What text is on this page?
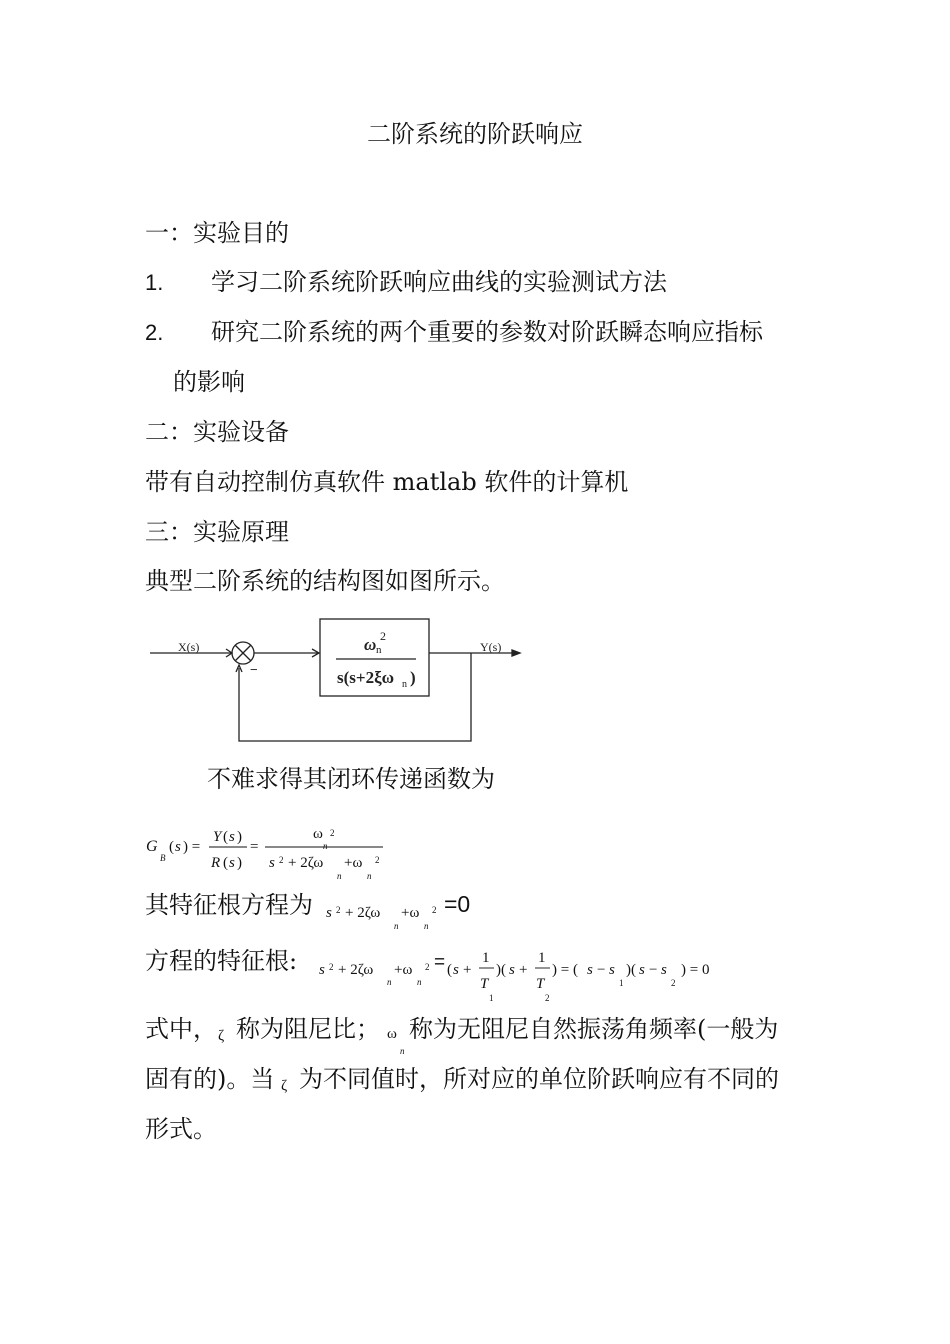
二阶系统的阶跃响应
一：实验目的
1. 学习二阶系统阶跃响应曲线的实验测试方法
2. 研究二阶系统的两个重要的参数对阶跃瞬态响应指标
的影响
二：实验设备
带有自动控制仿真软件 matlab 软件的计算机
三：实验原理
典型二阶系统的结构图如图所示。
X(s)	Y(s)
−
ω n
2
s(s+2ξω n )
不难求得其闭环传递函数为
G
B
( s ) =
Y ( s )
R ( s )
=
ω 2
n
s 2 + 2ζω
n
+ω 2
n
其特征根方程为 s 2 + 2ζω
n
+ω 2
n
=0
方程的特征根: s 2 + 2ζω
n
+ω 2
n
= ( s +
1
T
1
)( s +
1
T
2
) = ( s − s
1
)( s − s
2
) = 0
式中， ζ 称为阻尼比； ω
n
称为无阻尼自然振荡角频率(一般为
固有的)。当 ζ 为不同值时，所对应的单位阶跃响应有不同的
形式。
